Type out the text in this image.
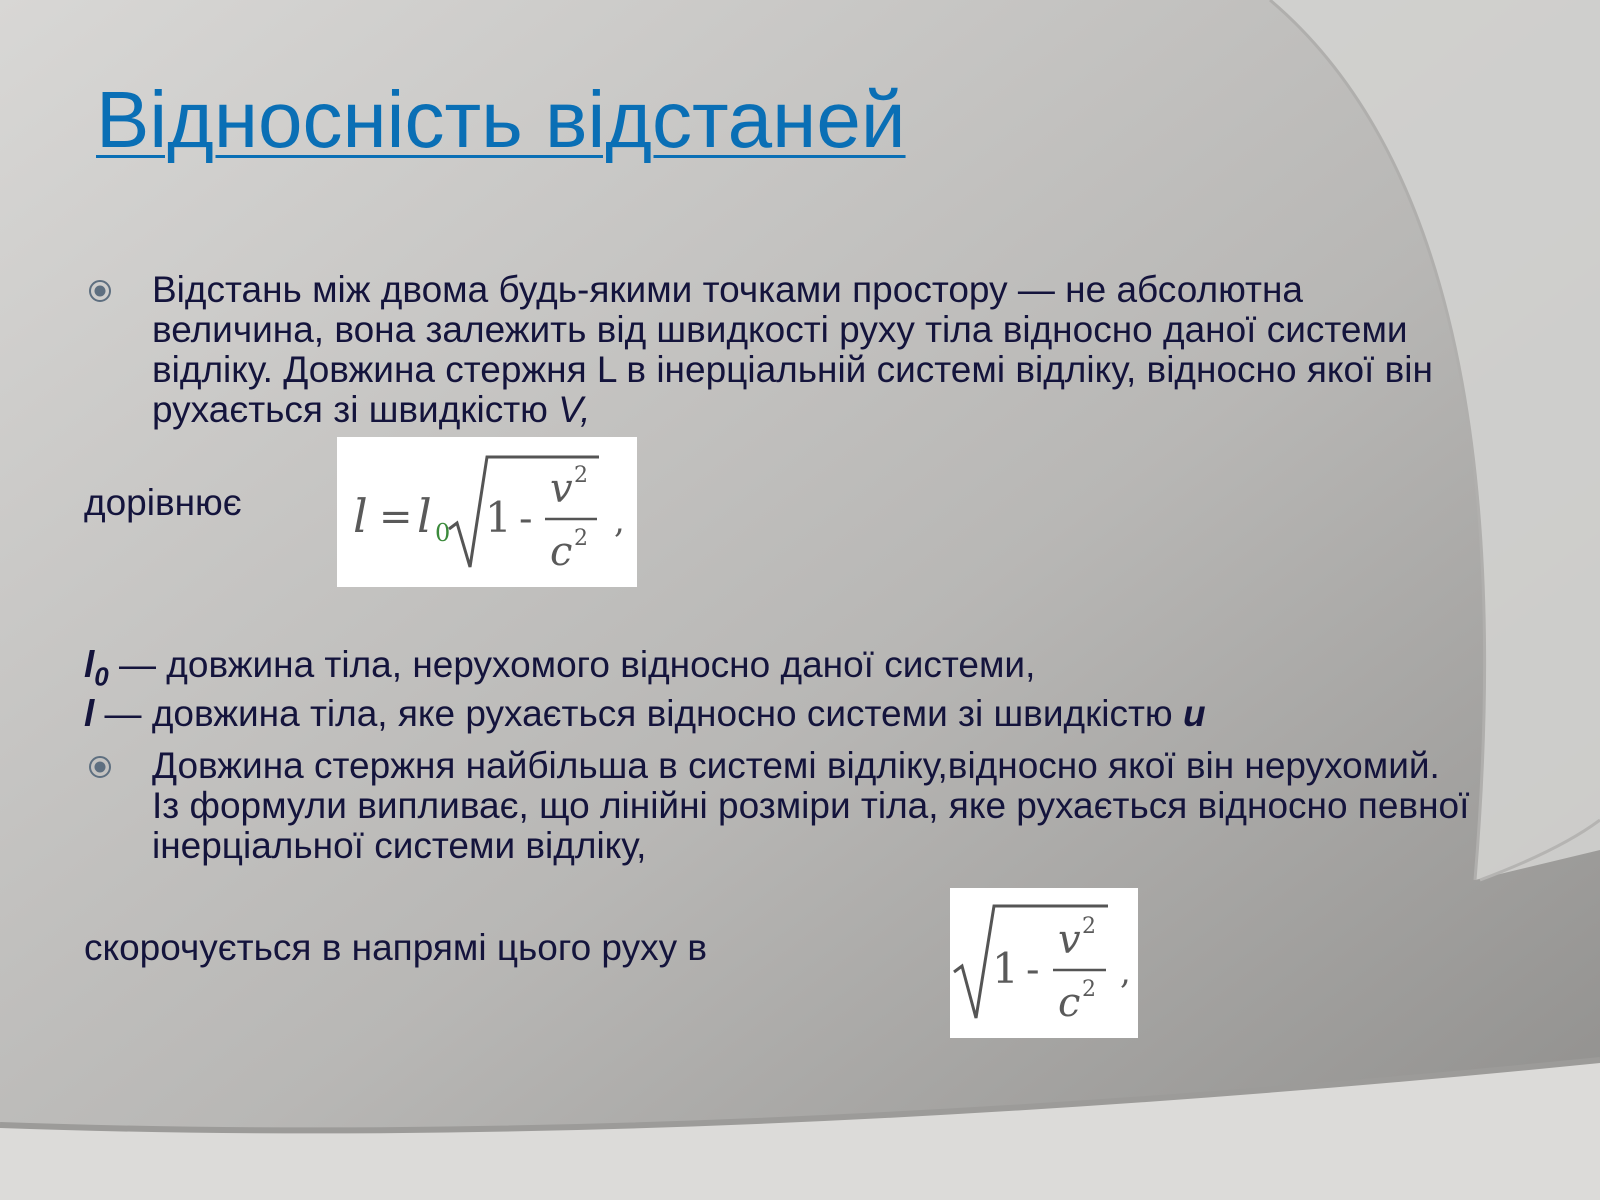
Відносність відстаней
Відстань між двома будь-якими точками простору — не абсолютна величина, вона залежить від швидкості руху тіла відносно даної системи відліку. Довжина стержня L в інерціальній системі відліку, відносно якої він рухається зі швидкістю V,
дорівнює l = l 0 1 -
v 2
c 2 ,
$l_0$ — довжина тіла, нерухомого відносно даної системи,
l — довжина тіла, яке рухається відносно системи зі швидкістю u
Довжина стержня найбільша в системі відліку,відносно якої він нерухомий. Із формули випливає, що лінійні розміри тіла, яке рухається відносно певної інерціальної системи відліку,
скорочується в напрямі цього руху в	1 -
v 2
c 2 ,
